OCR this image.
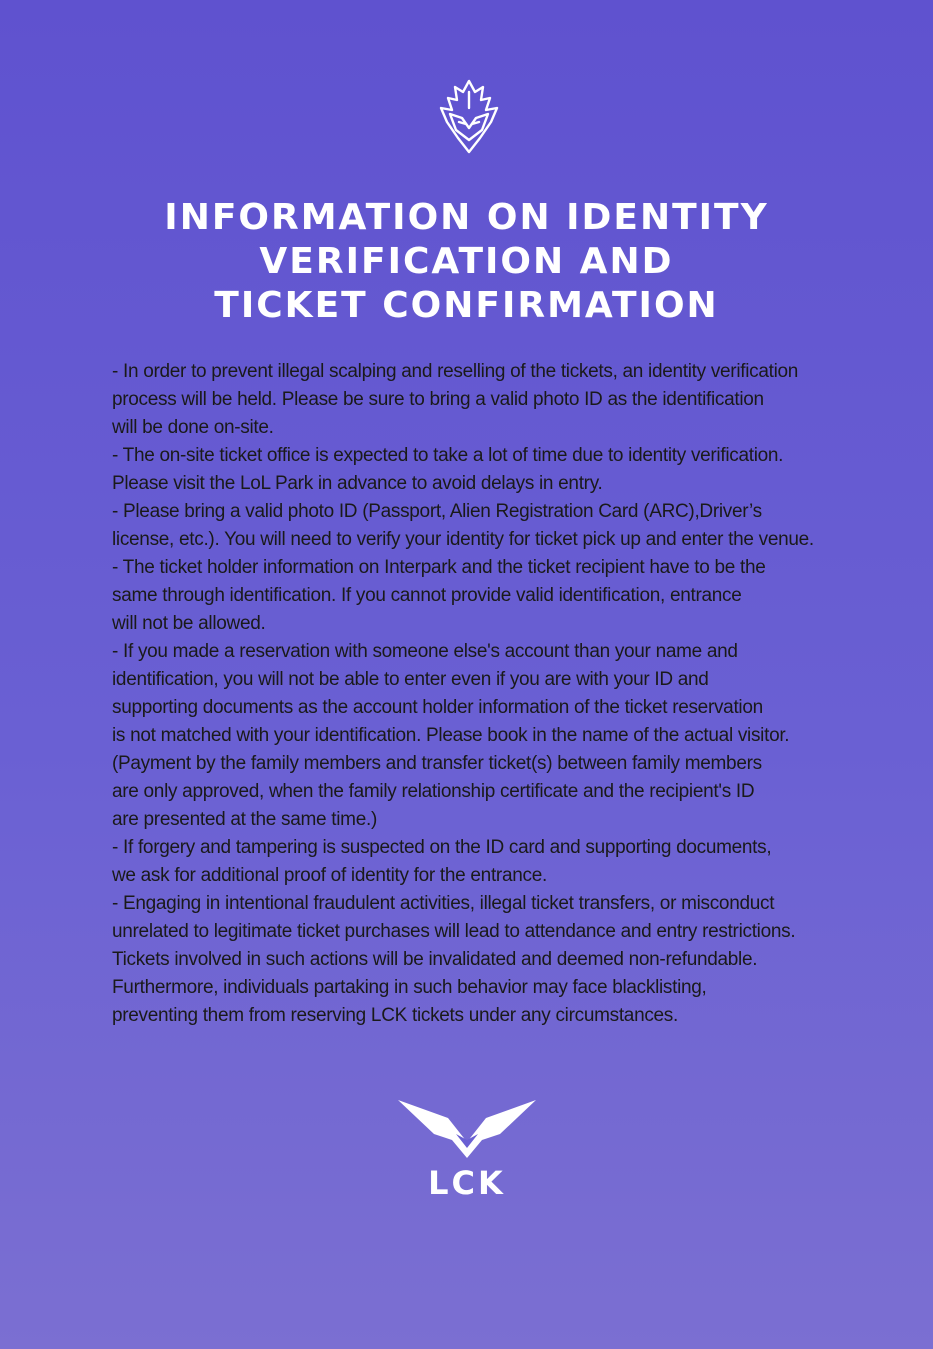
INFORMATION ON IDENTITY
VERIFICATION AND
TICKET CONFIRMATION

- In order to prevent illegal scalping and reselling of the tickets, an identity verification

process will be held. Please be sure to bring a valid photo ID as the identification

will be done on-site.

- The on-site ticket office is expected to take a lot of time due to identity verification.

Please visit the LoL Park in advance to avoid delays in entry.

- Please bring a valid photo ID (Passport, Alien Registration Card (ARC),Driver’s

license, etc.). You will need to verify your identity for ticket pick up and enter the venue.

- The ticket holder information on Interpark and the ticket recipient have to be the

same through identification. If you cannot provide valid identification, entrance

will not be allowed.

- If you made a reservation with someone else's account than your name and

identification, you will not be able to enter even if you are with your ID and

supporting documents as the account holder information of the ticket reservation

is not matched with your identification. Please book in the name of the actual visitor.

(Payment by the family members and transfer ticket(s) between family members

are only approved, when the family relationship certificate and the recipient's ID

are presented at the same time.)

- If forgery and tampering is suspected on the ID card and supporting documents,

we ask for additional proof of identity for the entrance.

- Engaging in intentional fraudulent activities, illegal ticket transfers, or misconduct

unrelated to legitimate ticket purchases will lead to attendance and entry restrictions.

Tickets involved in such actions will be invalidated and deemed non-refundable.

Furthermore, individuals partaking in such behavior may face blacklisting,

preventing them from reserving LCK tickets under any circumstances.

LCK
